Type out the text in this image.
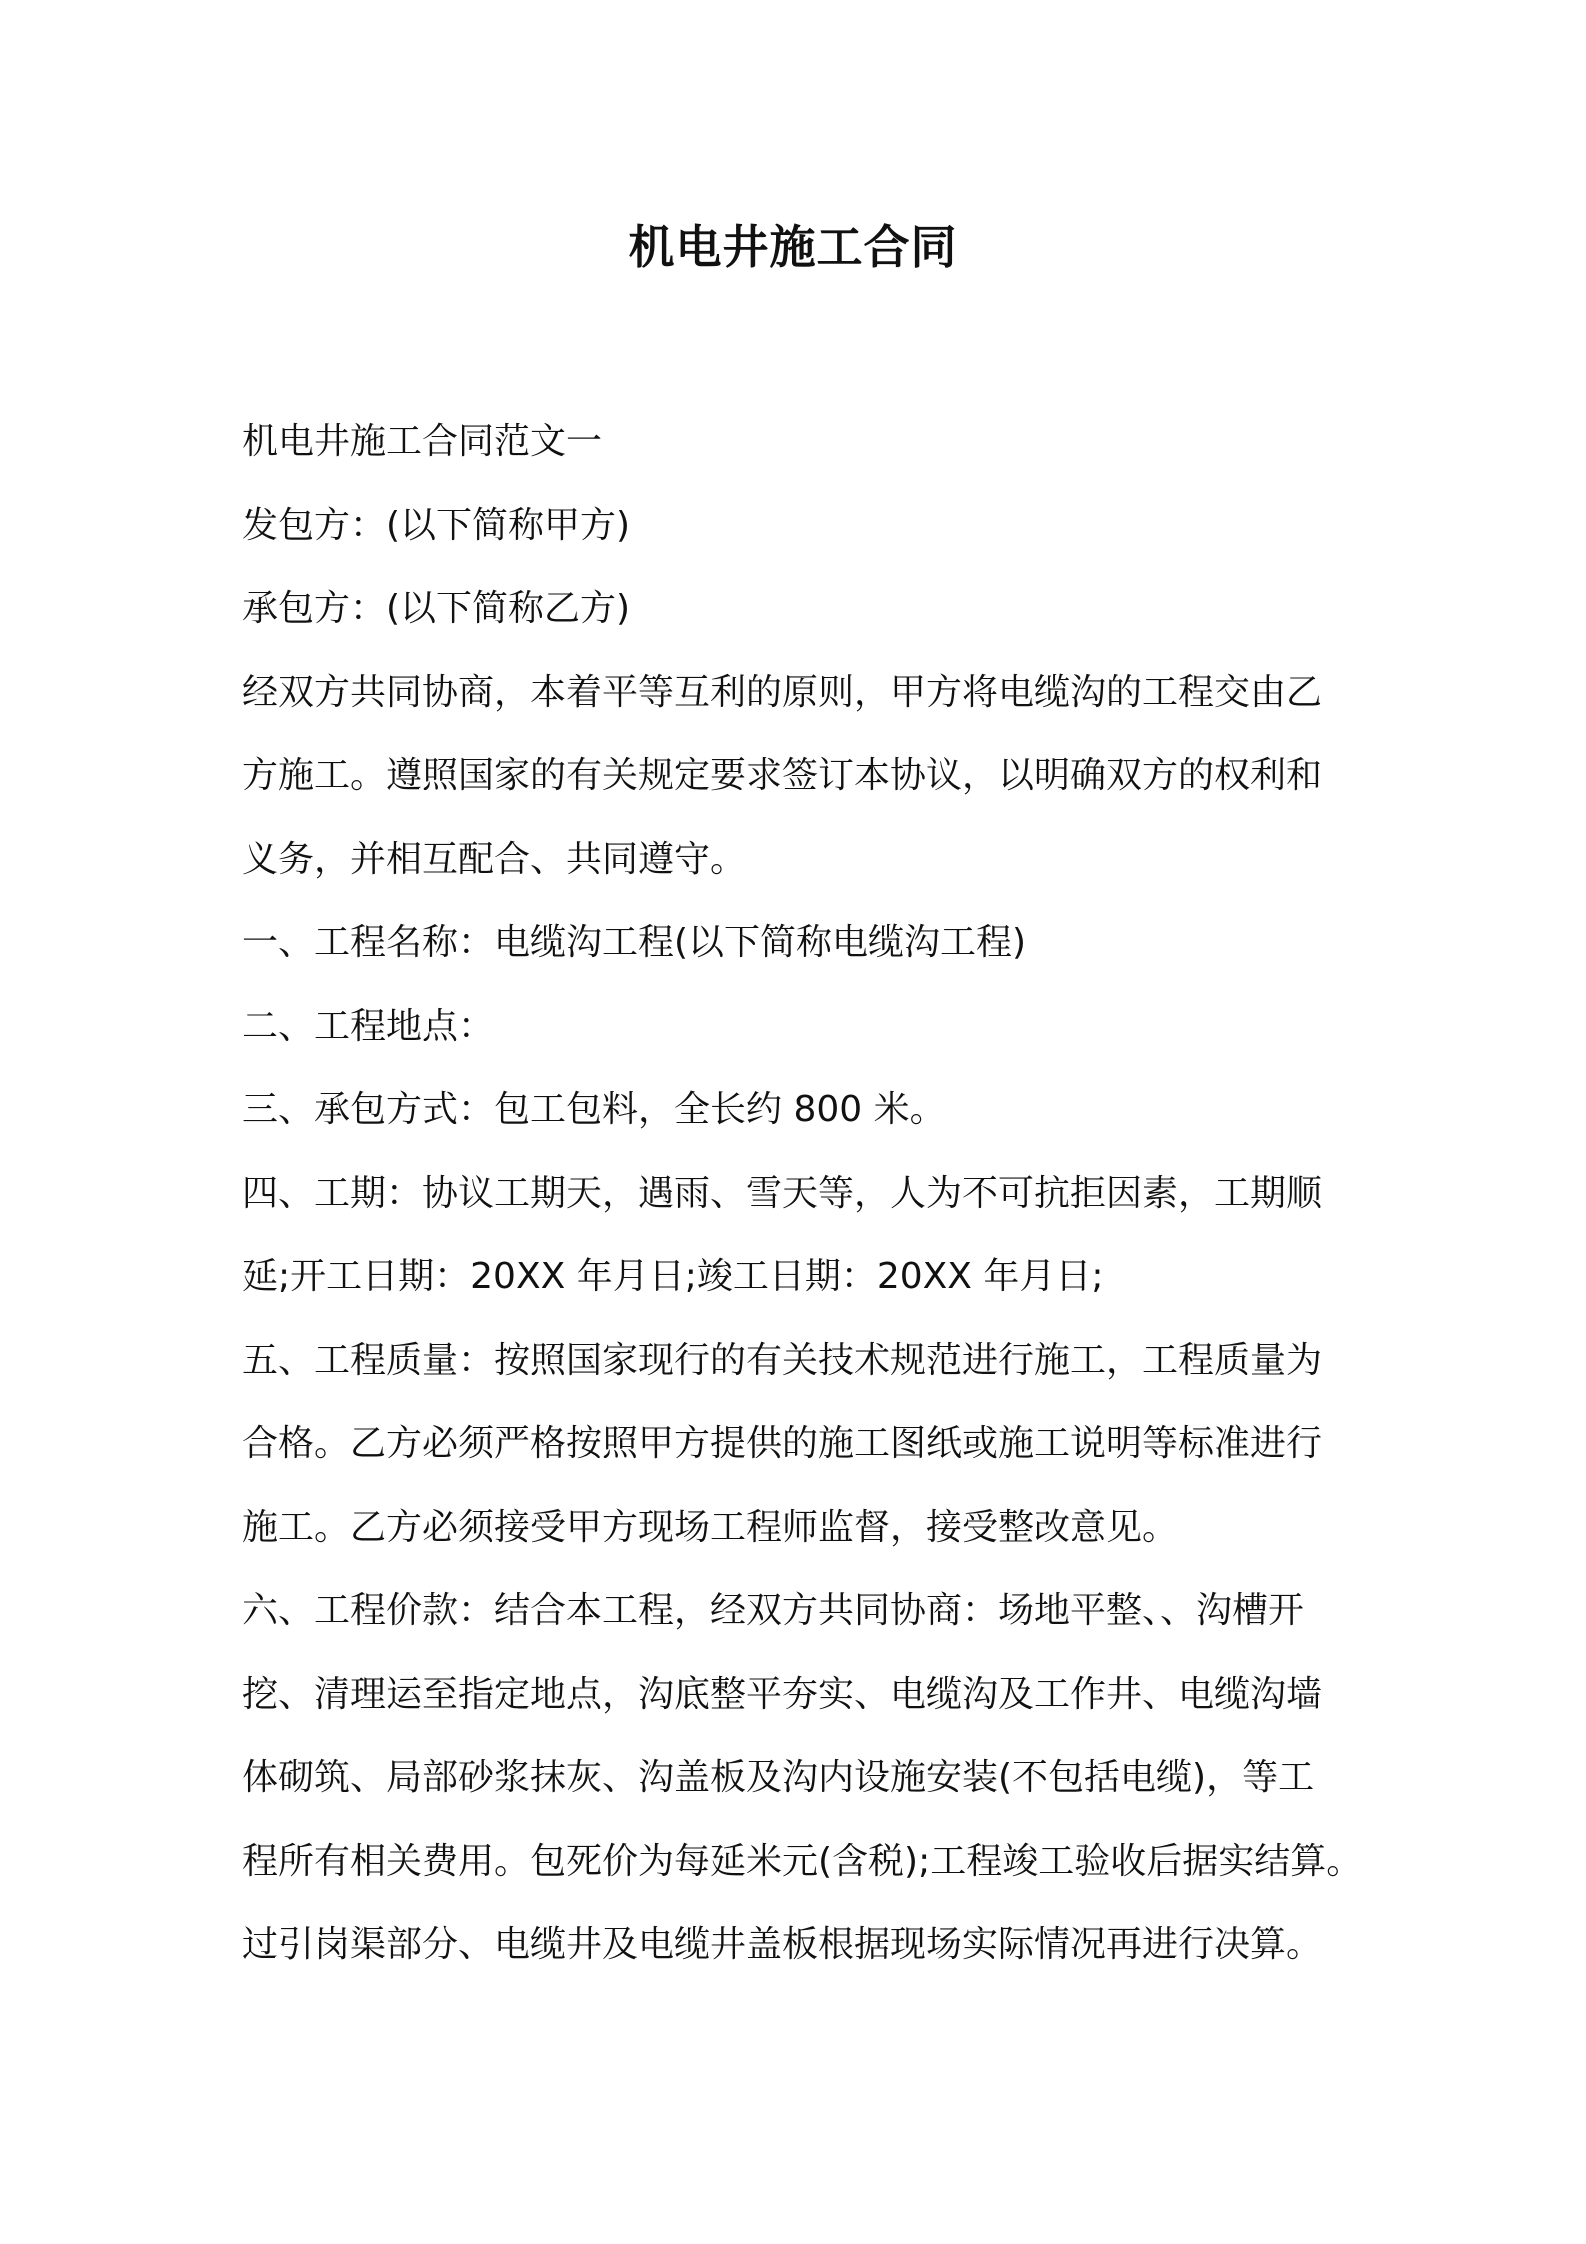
机电井施工合同
机电井施工合同范文一
发包方：(以下简称甲方)
承包方：(以下简称乙方)
经双方共同协商，本着平等互利的原则，甲方将电缆沟的工程交由乙
方施工。遵照国家的有关规定要求签订本协议，以明确双方的权利和
义务，并相互配合、共同遵守。
一、工程名称：电缆沟工程(以下简称电缆沟工程)
二、工程地点：
三、承包方式：包工包料，全长约 800 米。
四、工期：协议工期天，遇雨、雪天等，人为不可抗拒因素，工期顺
延;开工日期：20XX 年月日;竣工日期：20XX 年月日;
五、工程质量：按照国家现行的有关技术规范进行施工，工程质量为
合格。乙方必须严格按照甲方提供的施工图纸或施工说明等标准进行
施工。乙方必须接受甲方现场工程师监督，接受整改意见。
六、工程价款：结合本工程，经双方共同协商：场地平整、、沟槽开
挖、清理运至指定地点，沟底整平夯实、电缆沟及工作井、电缆沟墙
体砌筑、局部砂浆抹灰、沟盖板及沟内设施安装(不包括电缆)，等工
程所有相关费用。包死价为每延米元(含税);工程竣工验收后据实结算。
过引岗渠部分、电缆井及电缆井盖板根据现场实际情况再进行决算。
